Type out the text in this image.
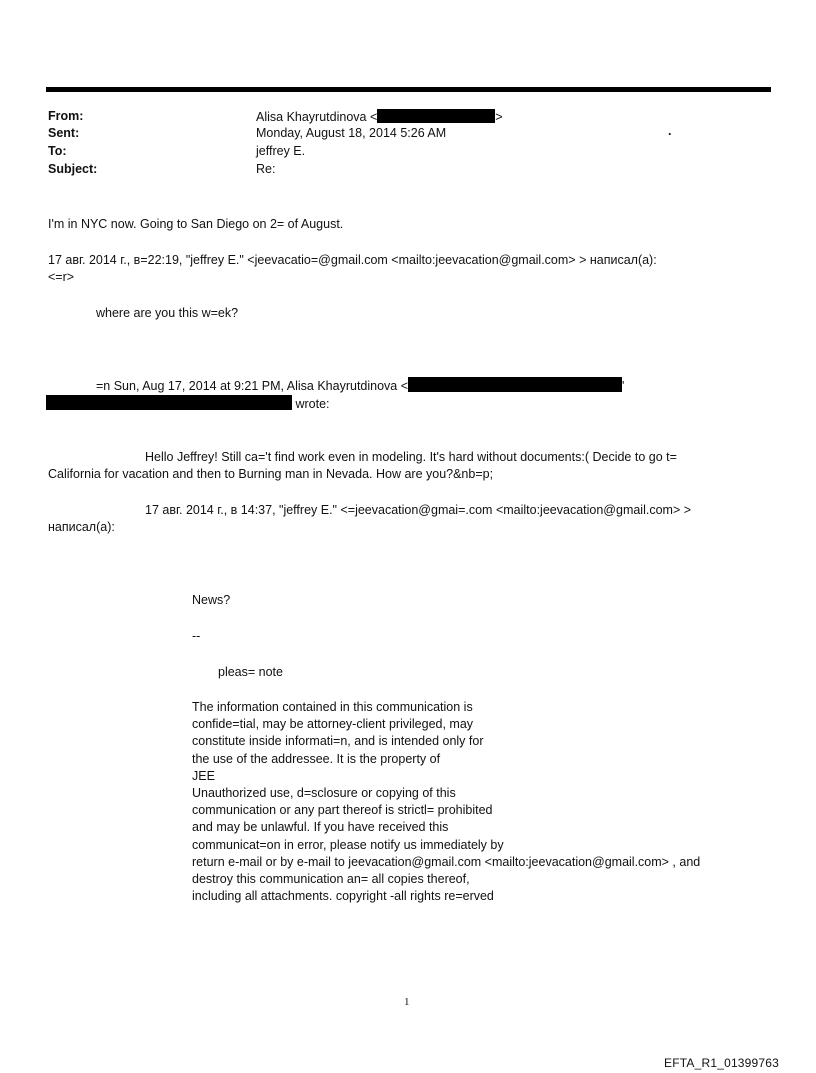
From:	Alisa Khayrutdinova <	>
Sent:	Monday, August 18, 2014 5:26 AM	.
To:	jeffrey E.
Subject:	Re:
I'm in NYC now. Going to San Diego on 2= of August.
17 авг. 2014 г., в=22:19, "jeffrey E." <jeevacatio=@gmail.com <mailto:jeevacation@gmail.com> > написал(а):
<=r>
where are you this w=ek?
=n Sun, Aug 17, 2014 at 9:21 PM, Alisa Khayrutdinova <	'
wrote:
Hello Jeffrey! Still ca='t find work even in modeling. It's hard without documents:( Decide to go t=
California for vacation and then to Burning man in Nevada. How are you?&nb=p;
17 авг. 2014 г., в 14:37, "jeffrey E." <=jeevacation@gmai=.com <mailto:jeevacation@gmail.com> >
написал(а):
News?
--
pleas= note
The information contained in this communication is
confide=tial, may be attorney-client privileged, may
constitute inside informati=n, and is intended only for
the use of the addressee. It is the property of
JEE
Unauthorized use, d=sclosure or copying of this
communication or any part thereof is strictl= prohibited
and may be unlawful. If you have received this
communicat=on in error, please notify us immediately by
return e-mail or by e-mail to jeevacation@gmail.com <mailto:jeevacation@gmail.com> , and
destroy this communication an= all copies thereof,
including all attachments. copyright -all rights re=erved
1
EFTA_R1_01399763
